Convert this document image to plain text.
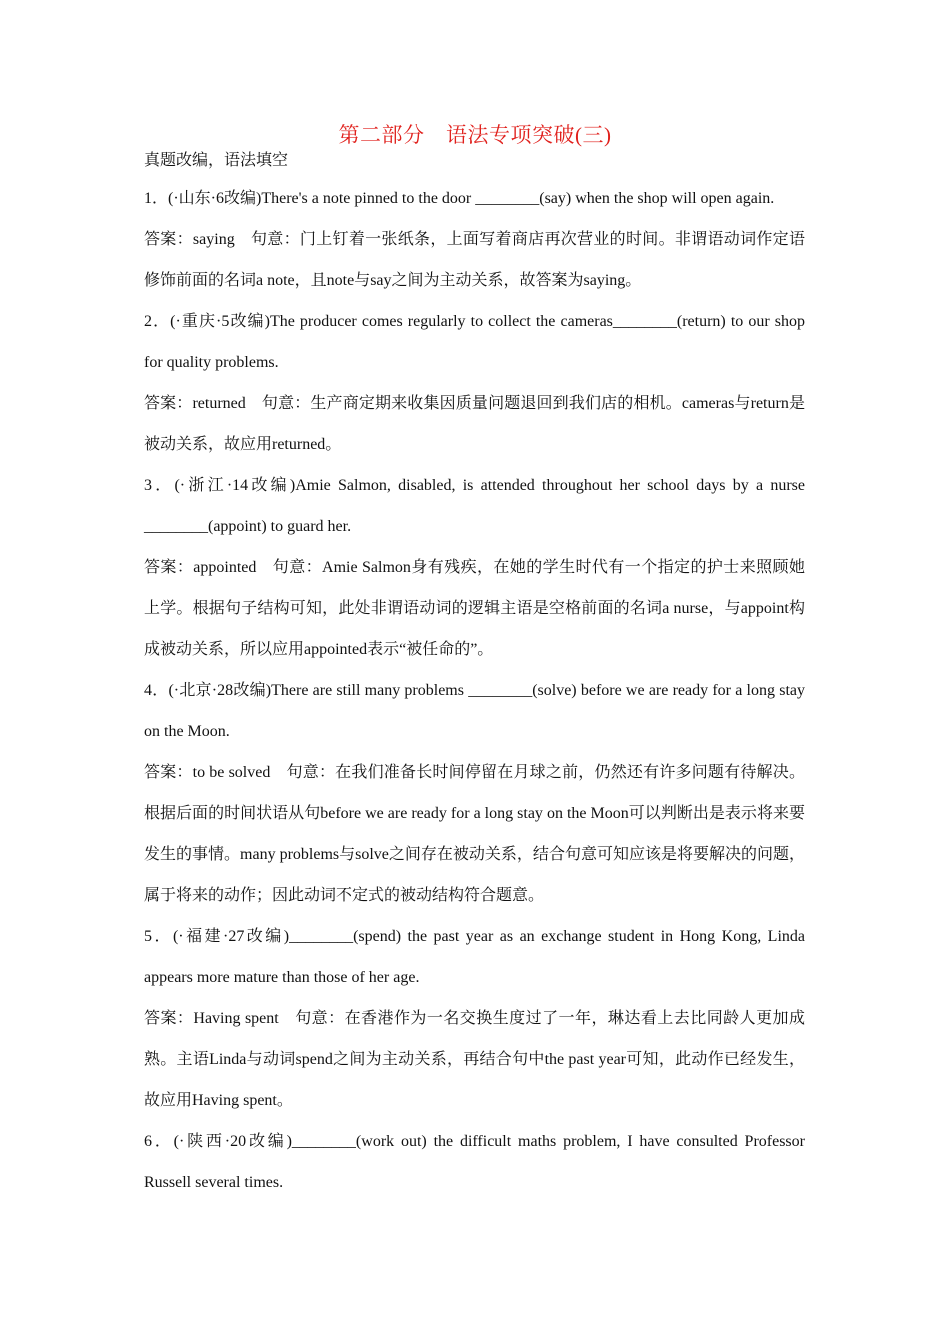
第二部分　语法专项突破(三)
真题改编，语法填空
1．(·山东·6改编)There's a note pinned to the door ________(say) when the shop will open again.
答案：saying 句意：门上钉着一张纸条，上面写着商店再次营业的时间。非谓语动词作定语修饰前面的名词a note，且note与say之间为主动关系，故答案为saying。
2．(·重庆·5改编)The producer comes regularly to collect the cameras________(return) to our shop for quality problems.
答案：returned 句意：生产商定期来收集因质量问题退回到我们店的相机。cameras与return是被动关系，故应用returned。
3．(·浙江·14改编)Amie Salmon, disabled, is attended throughout her school days by a nurse ________(appoint) to guard her.
答案：appointed 句意：Amie Salmon身有残疾，在她的学生时代有一个指定的护士来照顾她上学。根据句子结构可知，此处非谓语动词的逻辑主语是空格前面的名词a nurse，与appoint构成被动关系，所以应用appointed表示“被任命的”。
4．(·北京·28改编)There are still many problems ________(solve) before we are ready for a long stay on the Moon.
答案：to be solved 句意：在我们准备长时间停留在月球之前，仍然还有许多问题有待解决。根据后面的时间状语从句before we are ready for a long stay on the Moon可以判断出是表示将来要发生的事情。many problems与solve之间存在被动关系，结合句意可知应该是将要解决的问题，属于将来的动作；因此动词不定式的被动结构符合题意。
5．(·福建·27改编)________(spend) the past year as an exchange student in Hong Kong, Linda appears more mature than those of her age.
答案：Having spent 句意：在香港作为一名交换生度过了一年，琳达看上去比同龄人更加成熟。主语Linda与动词spend之间为主动关系，再结合句中the past year可知，此动作已经发生，故应用Having spent。
6．(·陕西·20改编)________(work out) the difficult maths problem, I have consulted Professor Russell several times.
